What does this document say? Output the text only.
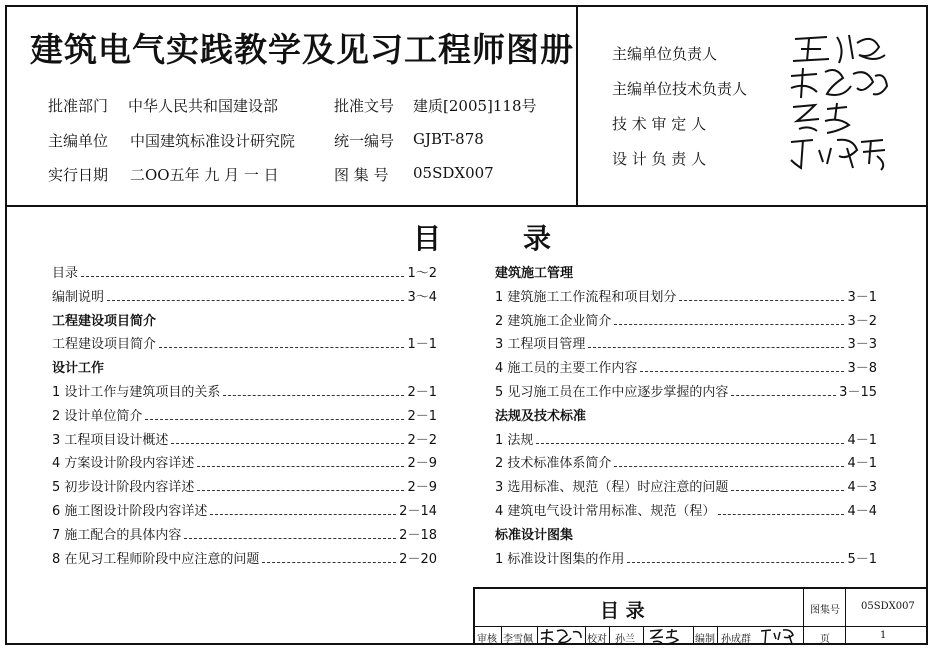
建筑电气实践教学及见习工程师图册
批准部门 中华人民共和国建设部	批准文号 建质[2005]118号
主编单位 中国建筑标准设计研究院	统一编号 GJBT-878
实行日期 二OO五年 九 月 一 日	图 集 号 05SDX007
主编单位负责人
主编单位技术负责人
技 术 审 定 人
设 计 负 责 人
目	录
目录	1～2
编制说明	3～4
工程建设项目简介
工程建设项目简介	1－1
设计工作
1 设计工作与建筑项目的关系	2－1
2 设计单位简介	2－1
3 工程项目设计概述	2－2
4 方案设计阶段内容详述	2－9
5 初步设计阶段内容详述	2－9
6 施工图设计阶段内容详述	2－14
7 施工配合的具体内容	2－18
8 在见习工程师阶段中应注意的问题	2－20
建筑施工管理
1 建筑施工工作流程和项目划分	3－1
2 建筑施工企业简介	3－2
3 工程项目管理	3－3
4 施工员的主要工作内容	3－8
5 见习施工员在工作中应逐步掌握的内容	3－15
法规及技术标准
1 法规	4－1
2 技术标准体系简介	4－1
3 选用标准、规范（程）时应注意的问题	4－3
4 建筑电气设计常用标准、规范（程）	4－4
标准设计图集
1 标准设计图集的作用	5－1
目 录	图集号 05SDX007
审核 李雪佩	校对 孙兰	编制 孙成群	页	1
